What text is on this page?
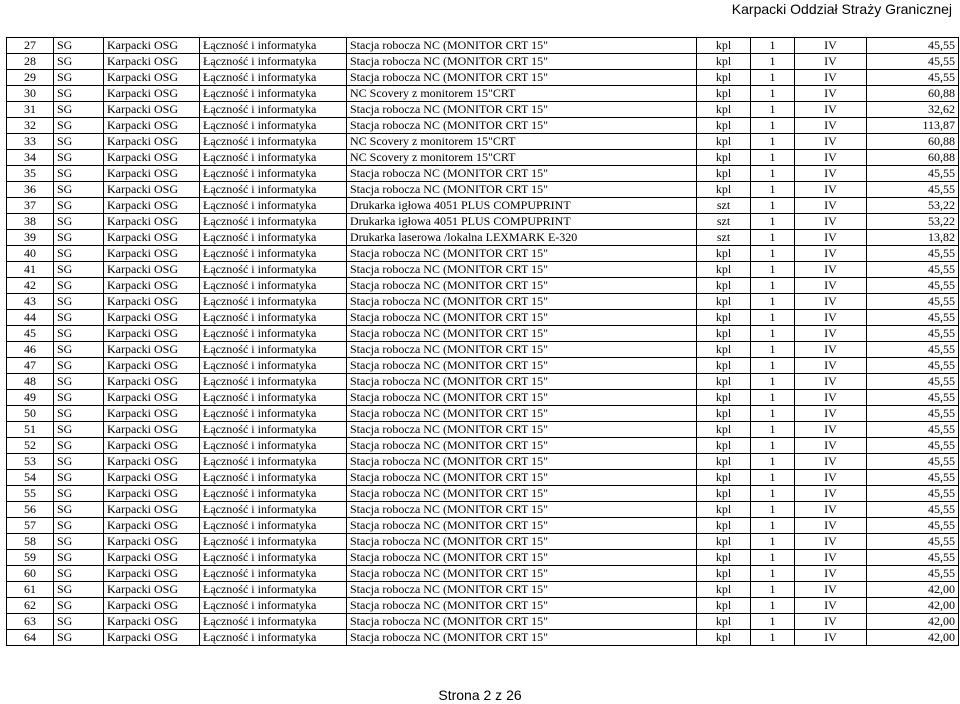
Karpacki Oddział Straży Granicznej
27	SG	Karpacki OSG	Łączność i informatyka	Stacja robocza NC (MONITOR CRT 15"	kpl	1	IV	45,55
28	SG	Karpacki OSG	Łączność i informatyka	Stacja robocza NC (MONITOR CRT 15"	kpl	1	IV	45,55
29	SG	Karpacki OSG	Łączność i informatyka	Stacja robocza NC (MONITOR CRT 15"	kpl	1	IV	45,55
30	SG	Karpacki OSG	Łączność i informatyka	NC Scovery z monitorem 15"CRT	kpl	1	IV	60,88
31	SG	Karpacki OSG	Łączność i informatyka	Stacja robocza NC (MONITOR CRT 15"	kpl	1	IV	32,62
32	SG	Karpacki OSG	Łączność i informatyka	Stacja robocza NC (MONITOR CRT 15"	kpl	1	IV	113,87
33	SG	Karpacki OSG	Łączność i informatyka	NC Scovery z monitorem 15"CRT	kpl	1	IV	60,88
34	SG	Karpacki OSG	Łączność i informatyka	NC Scovery z monitorem 15"CRT	kpl	1	IV	60,88
35	SG	Karpacki OSG	Łączność i informatyka	Stacja robocza NC (MONITOR CRT 15"	kpl	1	IV	45,55
36	SG	Karpacki OSG	Łączność i informatyka	Stacja robocza NC (MONITOR CRT 15"	kpl	1	IV	45,55
37	SG	Karpacki OSG	Łączność i informatyka	Drukarka igłowa 4051 PLUS COMPUPRINT	szt	1	IV	53,22
38	SG	Karpacki OSG	Łączność i informatyka	Drukarka igłowa 4051 PLUS COMPUPRINT	szt	1	IV	53,22
39	SG	Karpacki OSG	Łączność i informatyka	Drukarka laserowa /lokalna LEXMARK E-320	szt	1	IV	13,82
40	SG	Karpacki OSG	Łączność i informatyka	Stacja robocza NC (MONITOR CRT 15"	kpl	1	IV	45,55
41	SG	Karpacki OSG	Łączność i informatyka	Stacja robocza NC (MONITOR CRT 15"	kpl	1	IV	45,55
42	SG	Karpacki OSG	Łączność i informatyka	Stacja robocza NC (MONITOR CRT 15"	kpl	1	IV	45,55
43	SG	Karpacki OSG	Łączność i informatyka	Stacja robocza NC (MONITOR CRT 15"	kpl	1	IV	45,55
44	SG	Karpacki OSG	Łączność i informatyka	Stacja robocza NC (MONITOR CRT 15"	kpl	1	IV	45,55
45	SG	Karpacki OSG	Łączność i informatyka	Stacja robocza NC (MONITOR CRT 15"	kpl	1	IV	45,55
46	SG	Karpacki OSG	Łączność i informatyka	Stacja robocza NC (MONITOR CRT 15"	kpl	1	IV	45,55
47	SG	Karpacki OSG	Łączność i informatyka	Stacja robocza NC (MONITOR CRT 15"	kpl	1	IV	45,55
48	SG	Karpacki OSG	Łączność i informatyka	Stacja robocza NC (MONITOR CRT 15"	kpl	1	IV	45,55
49	SG	Karpacki OSG	Łączność i informatyka	Stacja robocza NC (MONITOR CRT 15"	kpl	1	IV	45,55
50	SG	Karpacki OSG	Łączność i informatyka	Stacja robocza NC (MONITOR CRT 15"	kpl	1	IV	45,55
51	SG	Karpacki OSG	Łączność i informatyka	Stacja robocza NC (MONITOR CRT 15"	kpl	1	IV	45,55
52	SG	Karpacki OSG	Łączność i informatyka	Stacja robocza NC (MONITOR CRT 15"	kpl	1	IV	45,55
53	SG	Karpacki OSG	Łączność i informatyka	Stacja robocza NC (MONITOR CRT 15"	kpl	1	IV	45,55
54	SG	Karpacki OSG	Łączność i informatyka	Stacja robocza NC (MONITOR CRT 15"	kpl	1	IV	45,55
55	SG	Karpacki OSG	Łączność i informatyka	Stacja robocza NC (MONITOR CRT 15"	kpl	1	IV	45,55
56	SG	Karpacki OSG	Łączność i informatyka	Stacja robocza NC (MONITOR CRT 15"	kpl	1	IV	45,55
57	SG	Karpacki OSG	Łączność i informatyka	Stacja robocza NC (MONITOR CRT 15"	kpl	1	IV	45,55
58	SG	Karpacki OSG	Łączność i informatyka	Stacja robocza NC (MONITOR CRT 15"	kpl	1	IV	45,55
59	SG	Karpacki OSG	Łączność i informatyka	Stacja robocza NC (MONITOR CRT 15"	kpl	1	IV	45,55
60	SG	Karpacki OSG	Łączność i informatyka	Stacja robocza NC (MONITOR CRT 15"	kpl	1	IV	45,55
61	SG	Karpacki OSG	Łączność i informatyka	Stacja robocza NC (MONITOR CRT 15"	kpl	1	IV	42,00
62	SG	Karpacki OSG	Łączność i informatyka	Stacja robocza NC (MONITOR CRT 15"	kpl	1	IV	42,00
63	SG	Karpacki OSG	Łączność i informatyka	Stacja robocza NC (MONITOR CRT 15"	kpl	1	IV	42,00
64	SG	Karpacki OSG	Łączność i informatyka	Stacja robocza NC (MONITOR CRT 15"	kpl	1	IV	42,00
Strona 2 z 26
